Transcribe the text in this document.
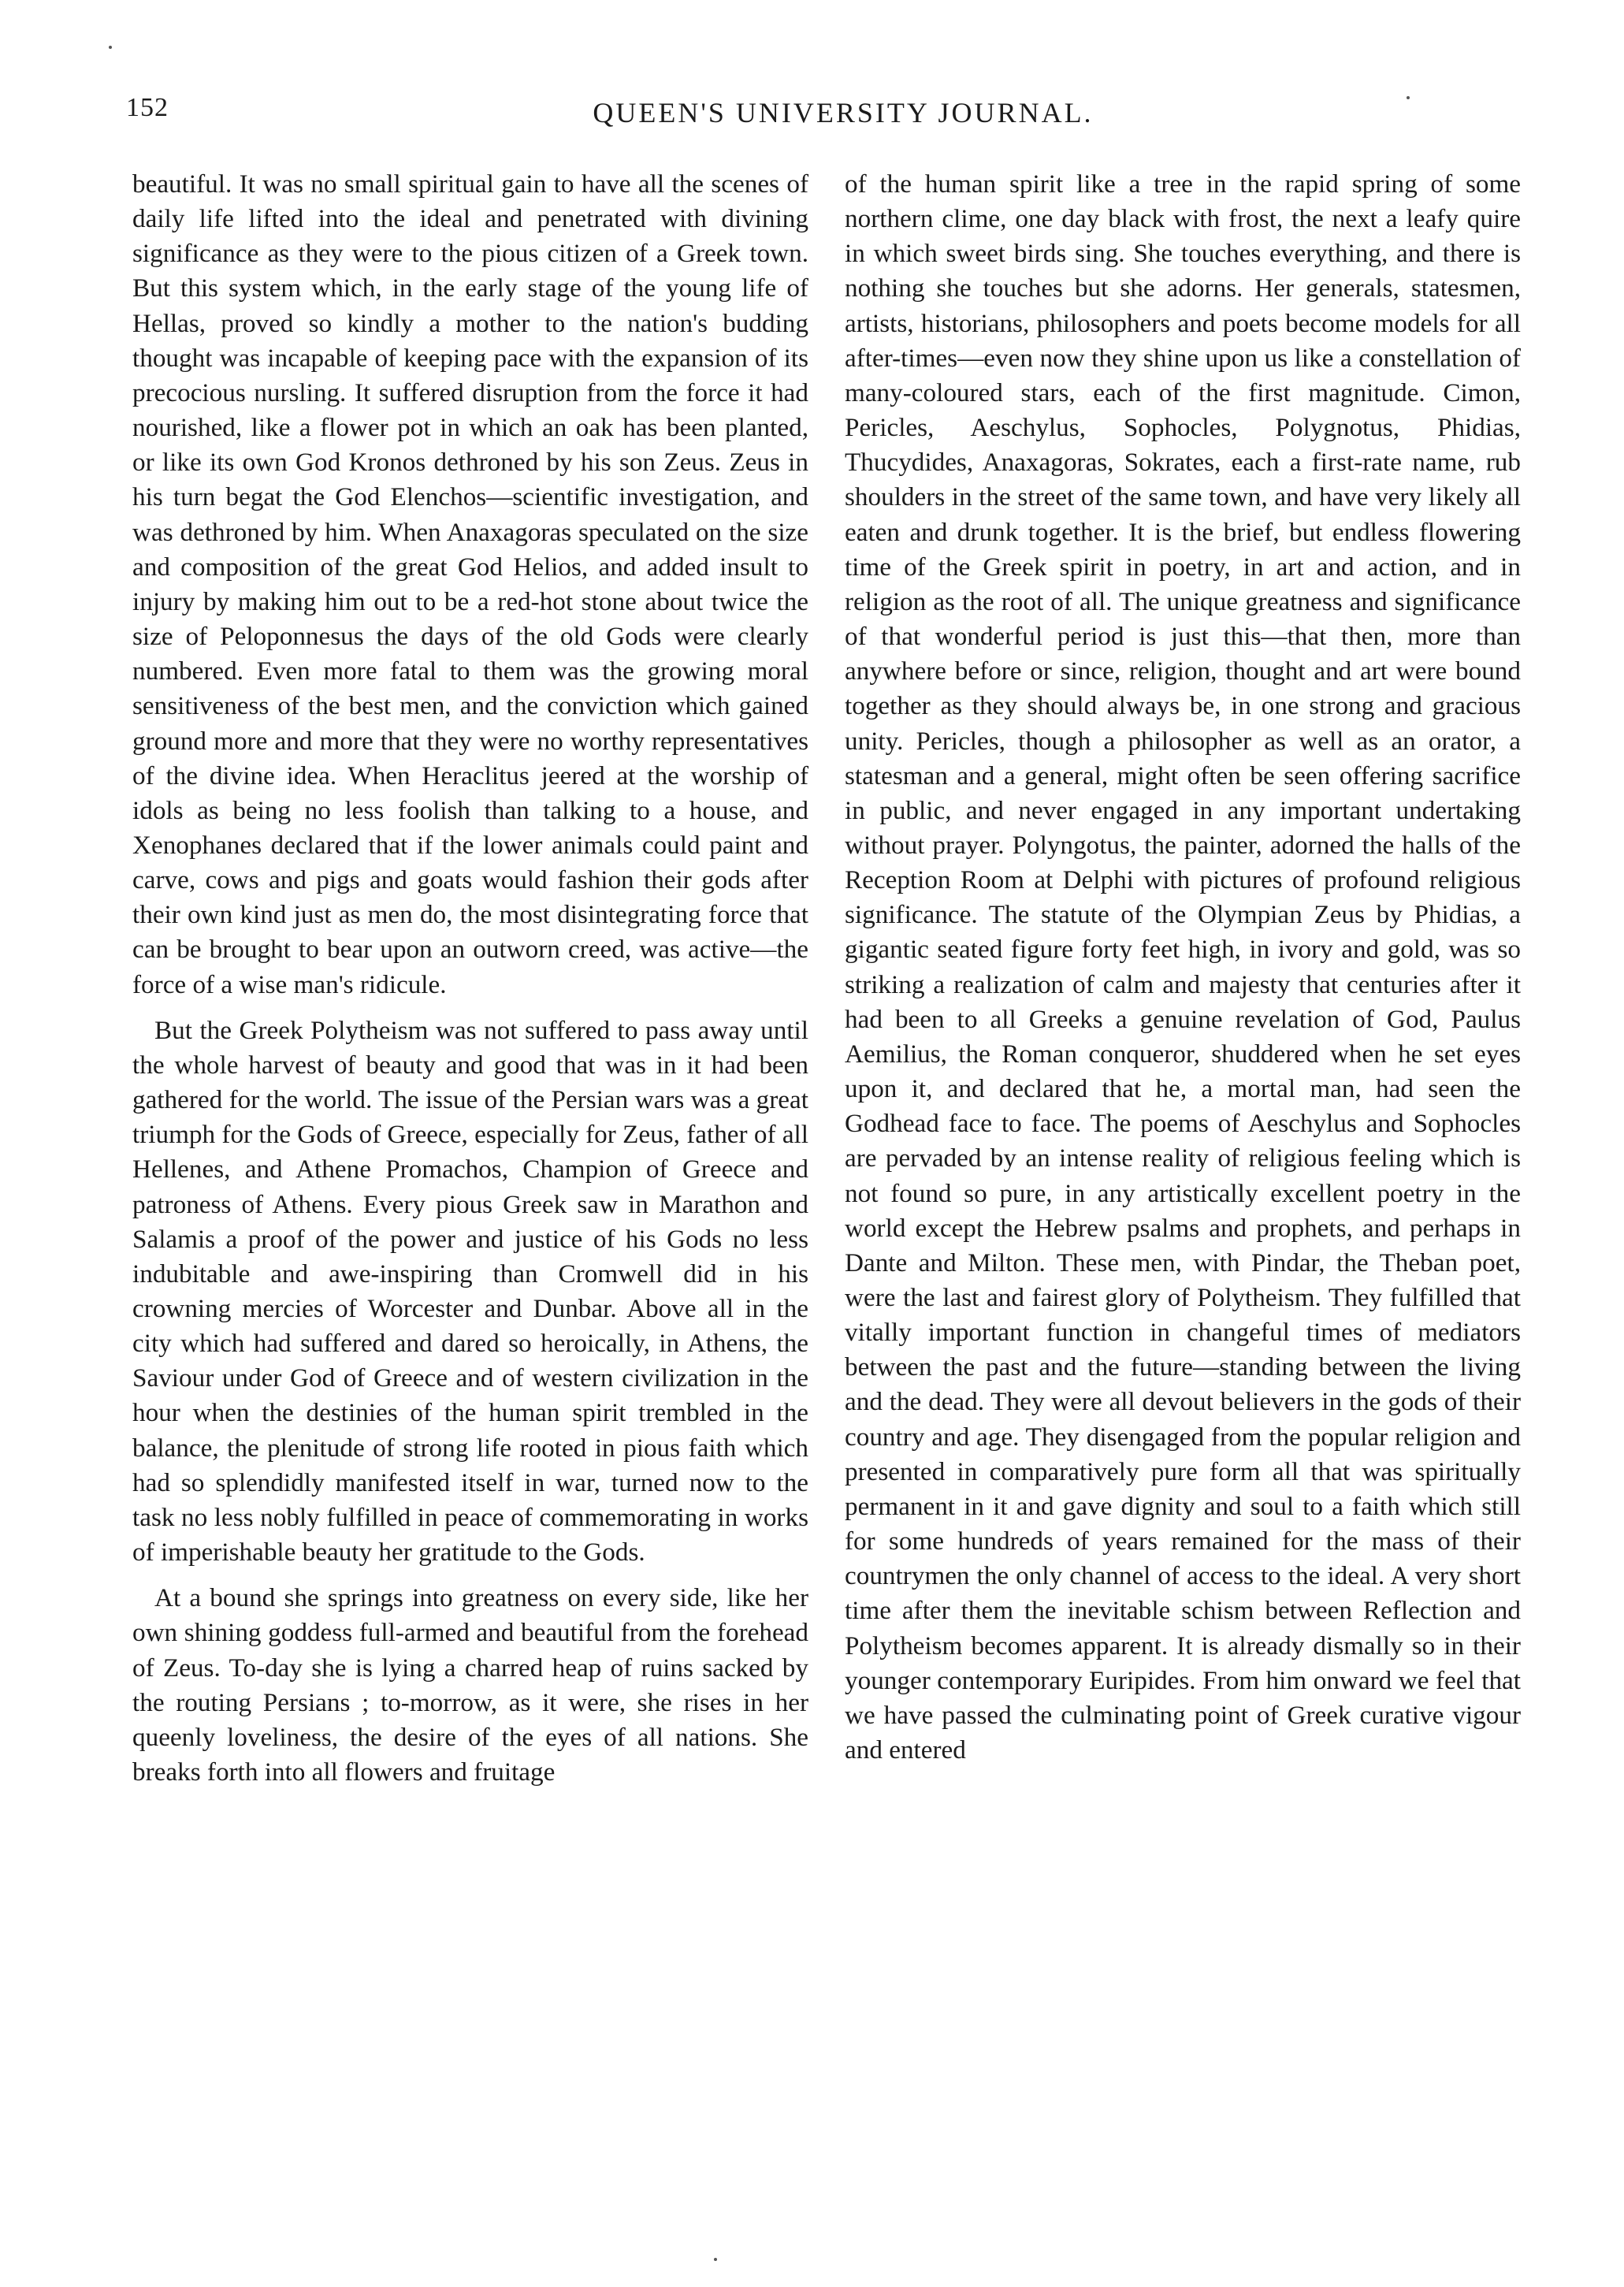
152	QUEEN'S UNIVERSITY JOURNAL.

beautiful. It was no small spiritual gain to have all the scenes of daily life lifted into the ideal and penetrated with divining significance as they were to the pious citizen of a Greek town. But this system which, in the early stage of the young life of Hellas, proved so kindly a mother to the nation's budding thought was incapable of keeping pace with the expansion of its precocious nursling. It suffered disruption from the force it had nourished, like a flower pot in which an oak has been planted, or like its own God Kronos dethroned by his son Zeus. Zeus in his turn begat the God Elenchos—scientific investigation, and was dethroned by him. When Anaxagoras speculated on the size and composition of the great God Helios, and added insult to injury by making him out to be a red-hot stone about twice the size of Peloponnesus the days of the old Gods were clearly numbered. Even more fatal to them was the growing moral sensitiveness of the best men, and the conviction which gained ground more and more that they were no worthy representatives of the divine idea. When Heraclitus jeered at the worship of idols as being no less foolish than talking to a house, and Xenophanes declared that if the lower animals could paint and carve, cows and pigs and goats would fashion their gods after their own kind just as men do, the most disintegrating force that can be brought to bear upon an outworn creed, was active—the force of a wise man's ridicule.

But the Greek Polytheism was not suffered to pass away until the whole harvest of beauty and good that was in it had been gathered for the world. The issue of the Persian wars was a great triumph for the Gods of Greece, especially for Zeus, father of all Hellenes, and Athene Promachos, Champion of Greece and patroness of Athens. Every pious Greek saw in Marathon and Salamis a proof of the power and justice of his Gods no less indubitable and awe-inspiring than Cromwell did in his crowning mercies of Worcester and Dunbar. Above all in the city which had suffered and dared so heroically, in Athens, the Saviour under God of Greece and of western civilization in the hour when the destinies of the human spirit trembled in the balance, the plenitude of strong life rooted in pious faith which had so splendidly manifested itself in war, turned now to the task no less nobly fulfilled in peace of commemorating in works of imperishable beauty her gratitude to the Gods.

At a bound she springs into greatness on every side, like her own shining goddess full-armed and beautiful from the forehead of Zeus. To-day she is lying a charred heap of ruins sacked by the routing Persians ; to-morrow, as it were, she rises in her queenly loveliness, the desire of the eyes of all nations. She breaks forth into all flowers and fruitage

of the human spirit like a tree in the rapid spring of some northern clime, one day black with frost, the next a leafy quire in which sweet birds sing. She touches everything, and there is nothing she touches but she adorns. Her generals, statesmen, artists, historians, philosophers and poets become models for all after-times—even now they shine upon us like a constellation of many-coloured stars, each of the first magnitude. Cimon, Pericles, Aeschylus, Sophocles, Polygnotus, Phidias, Thucydides, Anaxagoras, Sokrates, each a first-rate name, rub shoulders in the street of the same town, and have very likely all eaten and drunk together. It is the brief, but endless flowering time of the Greek spirit in poetry, in art and action, and in religion as the root of all. The unique greatness and significance of that wonderful period is just this—that then, more than anywhere before or since, religion, thought and art were bound together as they should always be, in one strong and gracious unity. Pericles, though a philosopher as well as an orator, a statesman and a general, might often be seen offering sacrifice in public, and never engaged in any important undertaking without prayer. Polyngotus, the painter, adorned the halls of the Reception Room at Delphi with pictures of profound religious significance. The statute of the Olympian Zeus by Phidias, a gigantic seated figure forty feet high, in ivory and gold, was so striking a realization of calm and majesty that centuries after it had been to all Greeks a genuine revelation of God, Paulus Aemilius, the Roman conqueror, shuddered when he set eyes upon it, and declared that he, a mortal man, had seen the Godhead face to face. The poems of Aeschylus and Sophocles are pervaded by an intense reality of religious feeling which is not found so pure, in any artistically excellent poetry in the world except the Hebrew psalms and prophets, and perhaps in Dante and Milton. These men, with Pindar, the Theban poet, were the last and fairest glory of Polytheism. They fulfilled that vitally important function in changeful times of mediators between the past and the future—standing between the living and the dead. They were all devout believers in the gods of their country and age. They disengaged from the popular religion and presented in comparatively pure form all that was spiritually permanent in it and gave dignity and soul to a faith which still for some hundreds of years remained for the mass of their countrymen the only channel of access to the ideal. A very short time after them the inevitable schism between Reflection and Polytheism becomes apparent. It is already dismally so in their younger contemporary Euripides. From him onward we feel that we have passed the culminating point of Greek curative vigour and entered
